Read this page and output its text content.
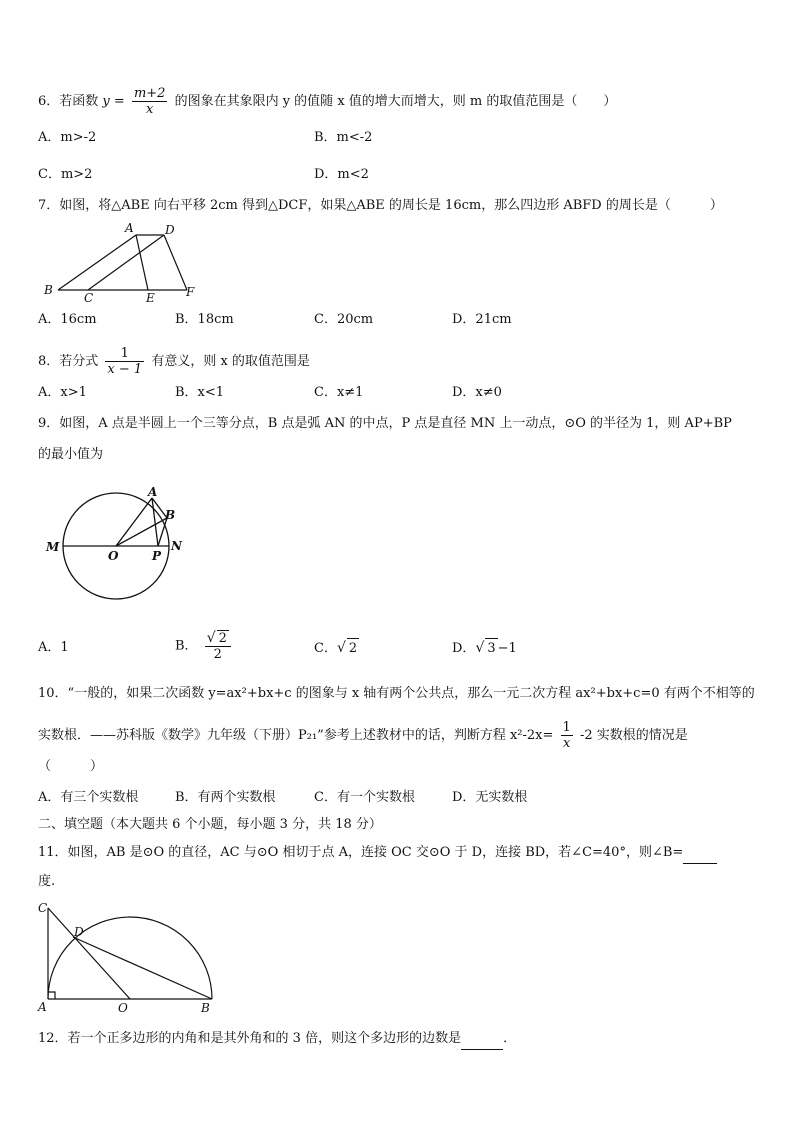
6．若函数 $y = \frac{m+2}{x}$ 的图象在其象限内 y 的值随 x 值的增大而增大，则 m 的取值范围是（　　）
A．m>-2	B．m<-2
C．m>2	D．m<2
7．如图，将△ABE 向右平移 2cm 得到△DCF，如果△ABE 的周长是 16cm，那么四边形 ABFD 的周长是（　　　）
A	D
B
C	E	F
A．16cm	B．18cm	C．20cm	D．21cm
8．若分式 $\frac{1}{x - 1}$ 有意义，则 x 的取值范围是
A．x>1	B．x<1	C．x≠1	D．x≠0
9．如图，A 点是半圆上一个三等分点，B 点是弧 AN 的中点，P 点是直径 MN 上一动点，⊙O 的半径为 1，则 AP+BP
的最小值为
A
B
M
O	P
N
A．1	B． $\frac{√ 2}{2}$	C．√ 2	D．√ 3 −1
10．“一般的，如果二次函数 y=ax²+bx+c 的图象与 x 轴有两个公共点，那么一元二次方程 ax²+bx+c=0 有两个不相等的
实数根．——苏科版《数学》九年级（下册）P₂₁”参考上述教材中的话，判断方程 $x^2-2x= \frac{1}{x} -2$ 实数根的情况是
（　　　）
A．有三个实数根	B．有两个实数根	C．有一个实数根	D．无实数根
二、填空题（本大题共 6 个小题，每小题 3 分，共 18 分）
11．如图，AB 是⊙O 的直径，AC 与⊙O 相切于点 A，连接 OC 交⊙O 于 D，连接 BD，若∠C=40°，则∠B=
度.
C
D
A	O	B
12．若一个正多边形的内角和是其外角和的 3 倍，则这个多边形的边数是	．
